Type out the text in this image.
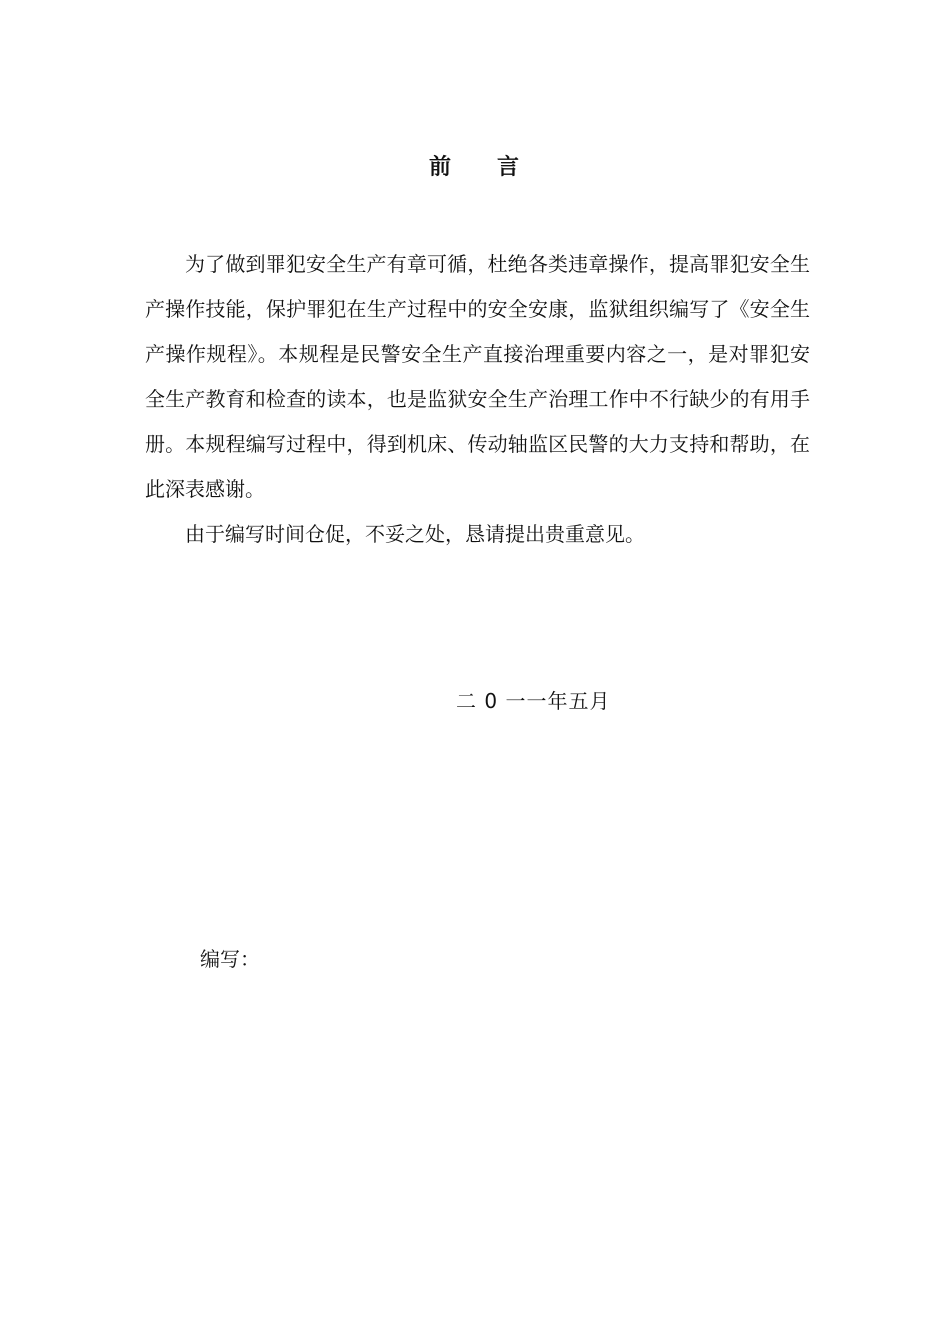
前 言

为了做到罪犯安全生产有章可循，杜绝各类违章操作，提高罪犯安全生产操作技能，保护罪犯在生产过程中的安全安康，监狱组织编写了《安全生产操作规程》。本规程是民警安全生产直接治理重要内容之一，是对罪犯安全生产教育和检查的读本，也是监狱安全生产治理工作中不行缺少的有用手册。本规程编写过程中，得到机床、传动轴监区民警的大力支持和帮助，在此深表感谢。

由于编写时间仓促，不妥之处，恳请提出贵重意见。

二 0 一一年五月
编写：
